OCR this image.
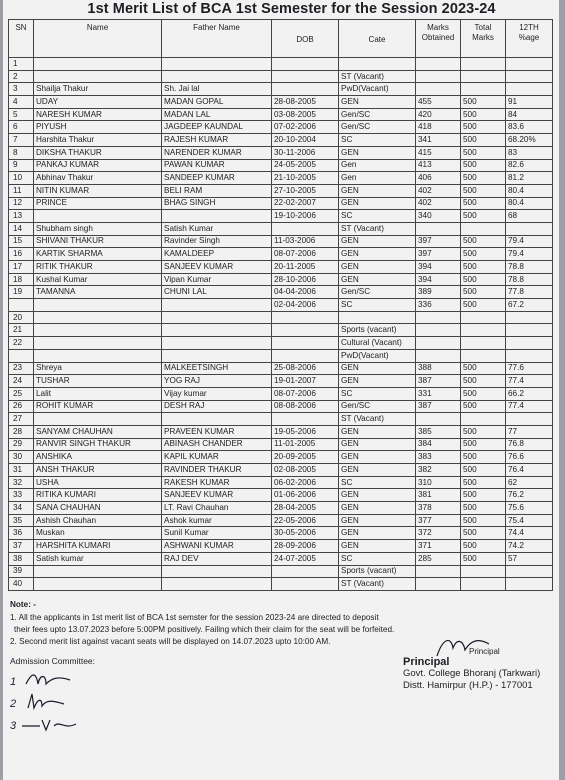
1st Merit List of BCA 1st Semester for the Session 2023-24
SN	Name	Father Name	DOB	Cate	Marks Obtained	Total Marks	12TH %age
1							
2				ST (Vacant)			
3	Shailja Thakur	Sh. Jai lal		PwD(Vacant)			
4	UDAY	MADAN GOPAL	28-08-2005	GEN	455	500	91
5	NARESH KUMAR	MADAN LAL	03-08-2005	Gen/SC	420	500	84
6	PIYUSH	JAGDEEP KAUNDAL	07-02-2006	Gen/SC	418	500	83.6
7	Harshita Thakur	RAJESH KUMAR	20-10-2004	SC	341	500	68.20%
8	DIKSHA THAKUR	NARENDER KUMAR	30-11-2006	GEN	415	500	83
9	PANKAJ KUMAR	PAWAN KUMAR	24-05-2005	Gen	413	500	82.6
10	Abhinav Thakur	SANDEEP KUMAR	21-10-2005	Gen	406	500	81.2
11	NITIN KUMAR	BELI RAM	27-10-2005	GEN	402	500	80.4
12	PRINCE	BHAG SINGH	22-02-2007	GEN	402	500	80.4
13			19-10-2006	SC	340	500	68
14	Shubham singh	Satish Kumar		ST (Vacant)			
15	SHIVANI THAKUR	Ravinder Singh	11-03-2006	GEN	397	500	79.4
16	KARTIK SHARMA	KAMALDEEP	08-07-2006	GEN	397	500	79.4
17	RITIK THAKUR	SANJEEV KUMAR	20-11-2005	GEN	394	500	78.8
18	Kushal Kumar	Vipan Kumar	28-10-2006	GEN	394	500	78.8
19	TAMANNA	CHUNI LAL	04-04-2006	Gen/SC	389	500	77.8
			02-04-2006	SC	336	500	67.2
20							
21				Sports (vacant)			
22				Cultural (Vacant)			
				PwD(Vacant)			
23	Shreya	MALKEETSINGH	25-08-2006	GEN	388	500	77.6
24	TUSHAR	YOG RAJ	19-01-2007	GEN	387	500	77.4
25	Lalit	Vijay kumar	08-07-2006	SC	331	500	66.2
26	ROHIT KUMAR	DESH RAJ	08-08-2006	Gen/SC	387	500	77.4
27				ST (Vacant)			
28	SANYAM CHAUHAN	PRAVEEN KUMAR	19-05-2006	GEN	385	500	77
29	RANVIR SINGH THAKUR	ABINASH CHANDER	11-01-2005	GEN	384	500	76.8
30	ANSHIKA	KAPIL KUMAR	20-09-2005	GEN	383	500	76.6
31	ANSH THAKUR	RAVINDER THAKUR	02-08-2005	GEN	382	500	76.4
32	USHA	RAKESH KUMAR	06-02-2006	SC	310	500	62
33	RITIKA KUMARI	SANJEEV KUMAR	01-06-2006	GEN	381	500	76.2
34	SANA CHAUHAN	LT. Ravi Chauhan	28-04-2005	GEN	378	500	75.6
35	Ashish Chauhan	Ashok kumar	22-05-2006	GEN	377	500	75.4
36	Muskan	Sunil Kumar	30-05-2006	GEN	372	500	74.4
37	HARSHITA KUMARI	ASHWANI KUMAR	28-09-2006	GEN	371	500	74.2
38	Satish kumar	RAJ DEV	24-07-2005	SC	285	500	57
39				Sports (vacant)			
40				ST (Vacant)			
Note: -
1. All the applicants in 1st merit list of BCA 1st semster for the session 2023-24 are directed to deposit
their fees upto 13.07.2023 before 5:00PM positively. Failing which their claim for the seat will be forfeited.
2. Second merit list against vacant seats will be displayed on 14.07.2023 upto 10:00 AM.
Admission Committee:
1
2
3
Principal
Principal
Govt. College Bhoranj (Tarkwari)
Distt. Hamirpur (H.P.) - 177001
